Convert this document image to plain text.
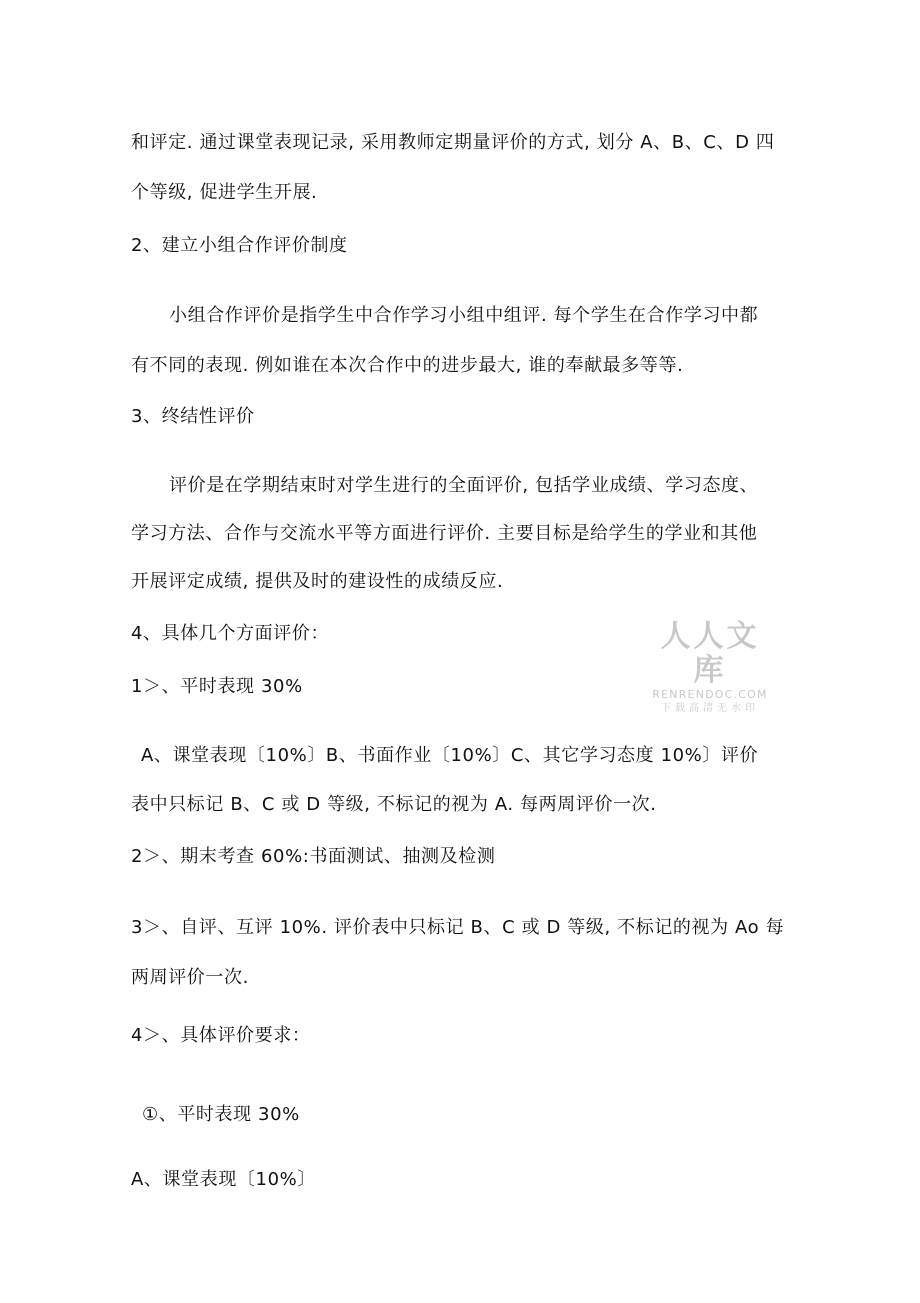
和评定. 通过课堂表现记录, 采用教师定期量评价的方式, 划分 A、B、C、D 四
个等级, 促进学生开展.
2、建立小组合作评价制度
小组合作评价是指学生中合作学习小组中组评. 每个学生在合作学习中都
有不同的表现. 例如谁在本次合作中的进步最大, 谁的奉献最多等等.
3、终结性评价
评价是在学期结束时对学生进行的全面评价, 包括学业成绩、学习态度、
学习方法、合作与交流水平等方面进行评价. 主要目标是给学生的学业和其他
开展评定成绩, 提供及时的建设性的成绩反应.
4、具体几个方面评价：
1＞、平时表现 30%
A、课堂表现〔10%〕B、书面作业〔10%〕C、其它学习态度 10%〕评价
表中只标记 B、C 或 D 等级, 不标记的视为 A. 每两周评价一次.
2＞、期末考查 60%:书面测试、抽测及检测
3＞、自评、互评 10%. 评价表中只标记 B、C 或 D 等级, 不标记的视为 Ao 每
两周评价一次.
4＞、具体评价要求：
①、平时表现 30%
A、课堂表现〔10%〕
人人文库
RENRENDOC.COM
下载高清无水印
